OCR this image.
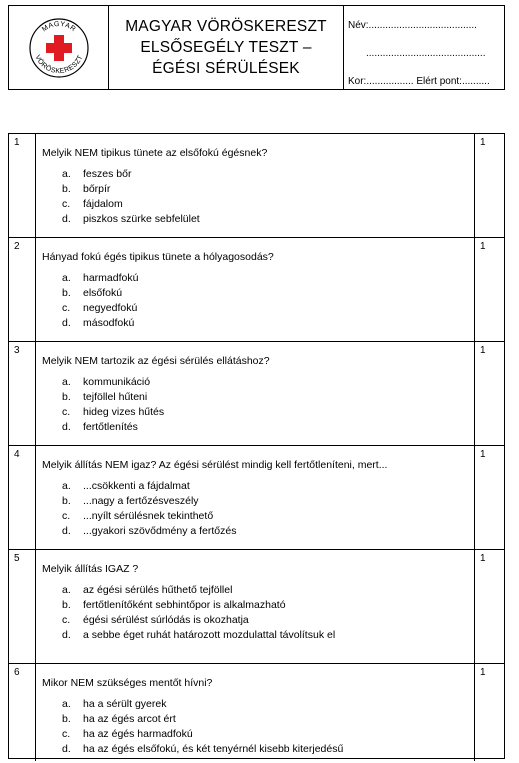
MAGYAR
VÖRÖSKERESZT
MAGYAR VÖRÖSKERESZT
ELSŐSEGÉLY TESZT –
ÉGÉSI SÉRÜLÉSEK
Név:.......................................
...........................................
Kor:................. Elért pont:..........
1
Melyik NEM tipikus tünete az elsőfokú égésnek?
a.	feszes bőr
b.	bőrpír
c.	fájdalom
d.	piszkos szürke sebfelület
1
2
Hányad fokú égés tipikus tünete a hólyagosodás?
a.	harmadfokú
b.	elsőfokú
c.	negyedfokú
d.	másodfokú
1
3
Melyik NEM tartozik az égési sérülés ellátáshoz?
a.	kommunikáció
b.	tejföllel hűteni
c.	hideg vizes hűtés
d.	fertőtlenítés
1
4
Melyik állítás NEM igaz? Az égési sérülést mindig kell fertőtleníteni, mert...
a.	...csökkenti a fájdalmat
b.	...nagy a fertőzésveszély
c.	...nyílt sérülésnek tekinthető
d.	...gyakori szövődmény a fertőzés
1
5
Melyik állítás IGAZ ?
a.	az égési sérülés hűthető tejföllel
b.	fertőtlenítőként sebhintőpor is alkalmazható
c.	égési sérülést súrlódás is okozhatja
d.	a sebbe éget ruhát határozott mozdulattal távolítsuk el
1
6
Mikor NEM szükséges mentőt hívni?
a.	ha a sérült gyerek
b.	ha az égés arcot ért
c.	ha az égés harmadfokú
d.	ha az égés elsőfokú, és két tenyérnél kisebb kiterjedésű
1
